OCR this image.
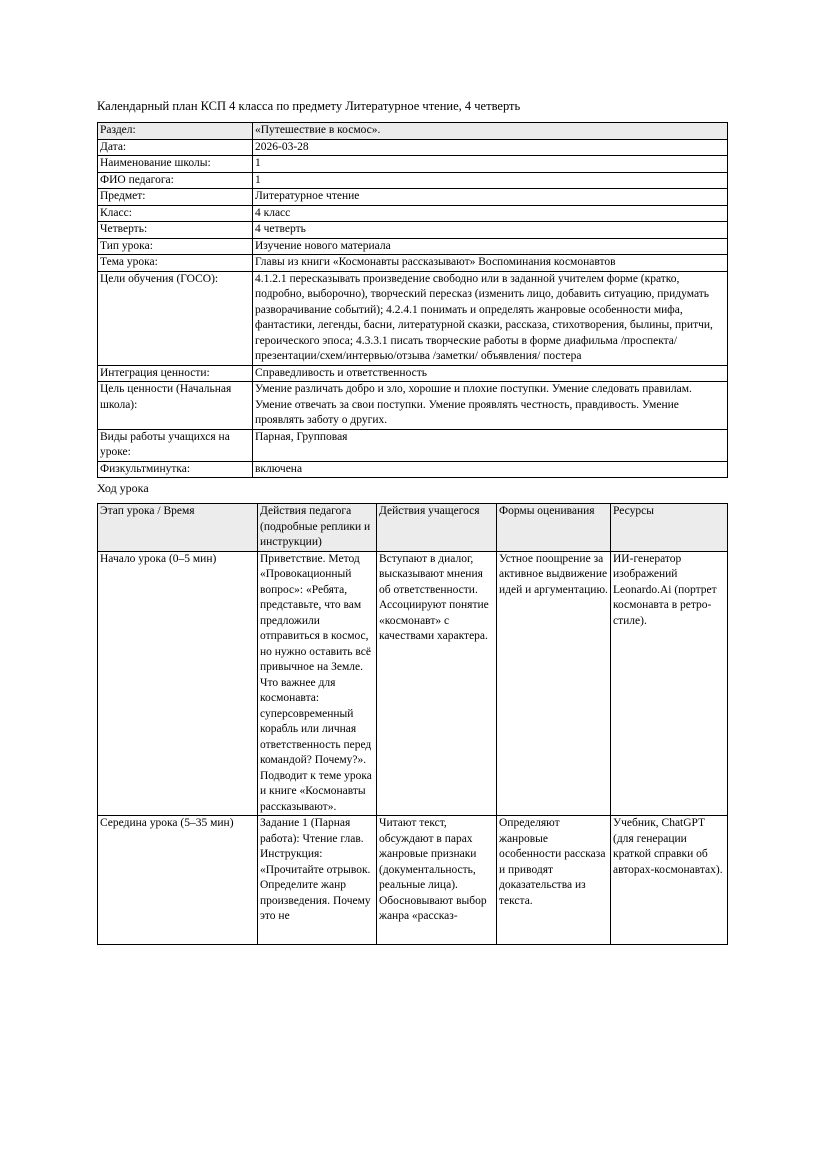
Календарный план КСП 4 класса по предмету Литературное чтение, 4 четверть
Раздел:	«Путешествие в космос».
Дата:	2026-03-28
Наименование школы:	1
ФИО педагога:	1
Предмет:	Литературное чтение
Класс:	4 класс
Четверть:	4 четверть
Тип урока:	Изучение нового материала
Тема урока:	Главы из книги «Космонавты рассказывают» Воспоминания космонавтов
Цели обучения (ГОСО):	4.1.2.1 пересказывать произведение свободно или в заданной учителем форме (кратко, подробно, выборочно), творческий пересказ (изменить лицо, добавить ситуацию, придумать разворачивание событий); 4.2.4.1 понимать и определять жанровые особенности мифа, фантастики, легенды, басни, литературной сказки, рассказа, стихотворения, былины, притчи, героического эпоса; 4.3.3.1 писать творческие работы в форме диафильма /проспекта/ презентации/схем/интервью/отзыва /заметки/ объявления/ постера
Интеграция ценности:	Справедливость и ответственность
Цель ценности (Начальная школа):	Умение различать добро и зло, хорошие и плохие поступки. Умение следовать правилам. Умение отвечать за свои поступки. Умение проявлять честность, правдивость. Умение проявлять заботу о других.
Виды работы учащихся на уроке:	Парная, Групповая
Физкультминутка:	включена
Ход урока
Этап урока / Время	Действия педагога (подробные реплики и инструкции)	Действия учащегося	Формы оценивания	Ресурсы
Начало урока (0–5 мин)	Приветствие. Метод «Провокационный вопрос»: «Ребята, представьте, что вам предложили отправиться в космос, но нужно оставить всё привычное на Земле. Что важнее для космонавта: суперсовременный корабль или личная ответственность перед командой? Почему?». Подводит к теме урока и книге «Космонавты рассказывают».	Вступают в диалог, высказывают мнения об ответственности. Ассоциируют понятие «космонавт» с качествами характера.	Устное поощрение за активное выдвижение идей и аргументацию.	ИИ-генератор изображений Leonardo.Ai (портрет космонавта в ретро-стиле).

Середина урока (5–35 мин)	Задание 1 (Парная работа): Чтение глав. Инструкция: «Прочитайте отрывок. Определите жанр произведения. Почему это не	Читают текст, обсуждают в парах жанровые признаки (документальность, реальные лица). Обосновывают выбор жанра «рассказ-	Определяют жанровые особенности рассказа и приводят доказательства из текста.	Учебник, ChatGPT (для генерации краткой справки об авторах-космонавтах).
